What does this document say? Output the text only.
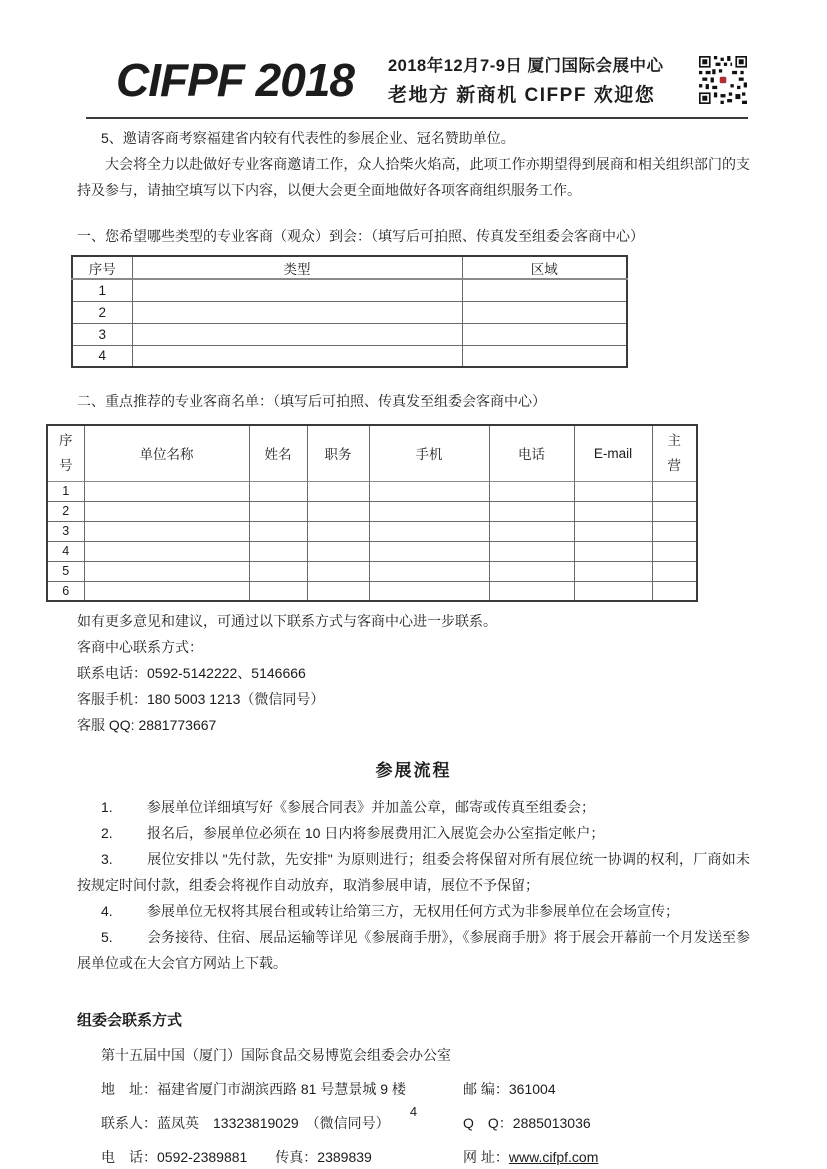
CIFPF 2018 2018年12月7-9日 厦门国际会展中心
老地方 新商机 CIFPF 欢迎您
5、邀请客商考察福建省内较有代表性的参展企业、冠名赞助单位。
大会将全力以赴做好专业客商邀请工作，众人拾柴火焰高，此项工作亦期望得到展商和相关组织部门的支持及参与，请抽空填写以下内容，以便大会更全面地做好各项客商组织服务工作。
一、您希望哪些类型的专业客商（观众）到会：（填写后可拍照、传真发至组委会客商中心）
序号	类型	区域
1		
2		
3		
4		
二、重点推荐的专业客商名单：（填写后可拍照、传真发至组委会客商中心）
序号	单位名称	姓名	职务	手机	电话	E-mail	主营
1							
2							
3							
4							
5							
6							
如有更多意见和建议，可通过以下联系方式与客商中心进一步联系。
客商中心联系方式：
联系电话：0592-5142222、5146666
客服手机：180 5003 1213（微信同号）
客服 QQ: 2881773667
参展流程

1. 参展单位详细填写好《参展合同表》并加盖公章，邮寄或传真至组委会；

2. 报名后，参展单位必须在 10 日内将参展费用汇入展览会办公室指定帐户；

3. 展位安排以 "先付款，先安排" 为原则进行；组委会将保留对所有展位统一协调的权利，厂商如未按规定时间付款，组委会将视作自动放弃，取消参展申请，展位不予保留；

4. 参展单位无权将其展台租或转让给第三方，无权用任何方式为非参展单位在会场宣传；

5. 会务接待、住宿、展品运输等详见《参展商手册》，《参展商手册》将于展会开幕前一个月发送至参展单位或在大会官方网站上下载。

组委会联系方式
第十五届中国（厦门）国际食品交易博览会组委会办公室
地　址：福建省厦门市湖滨西路 81 号慧景城 9 楼	邮 编：361004
联系人：蓝凤英　13323819029　（微信同号）	Q　Q：2885013036
电　话：0592-2389881　　传真：2389839	网 址：www.cifpf.com
4
